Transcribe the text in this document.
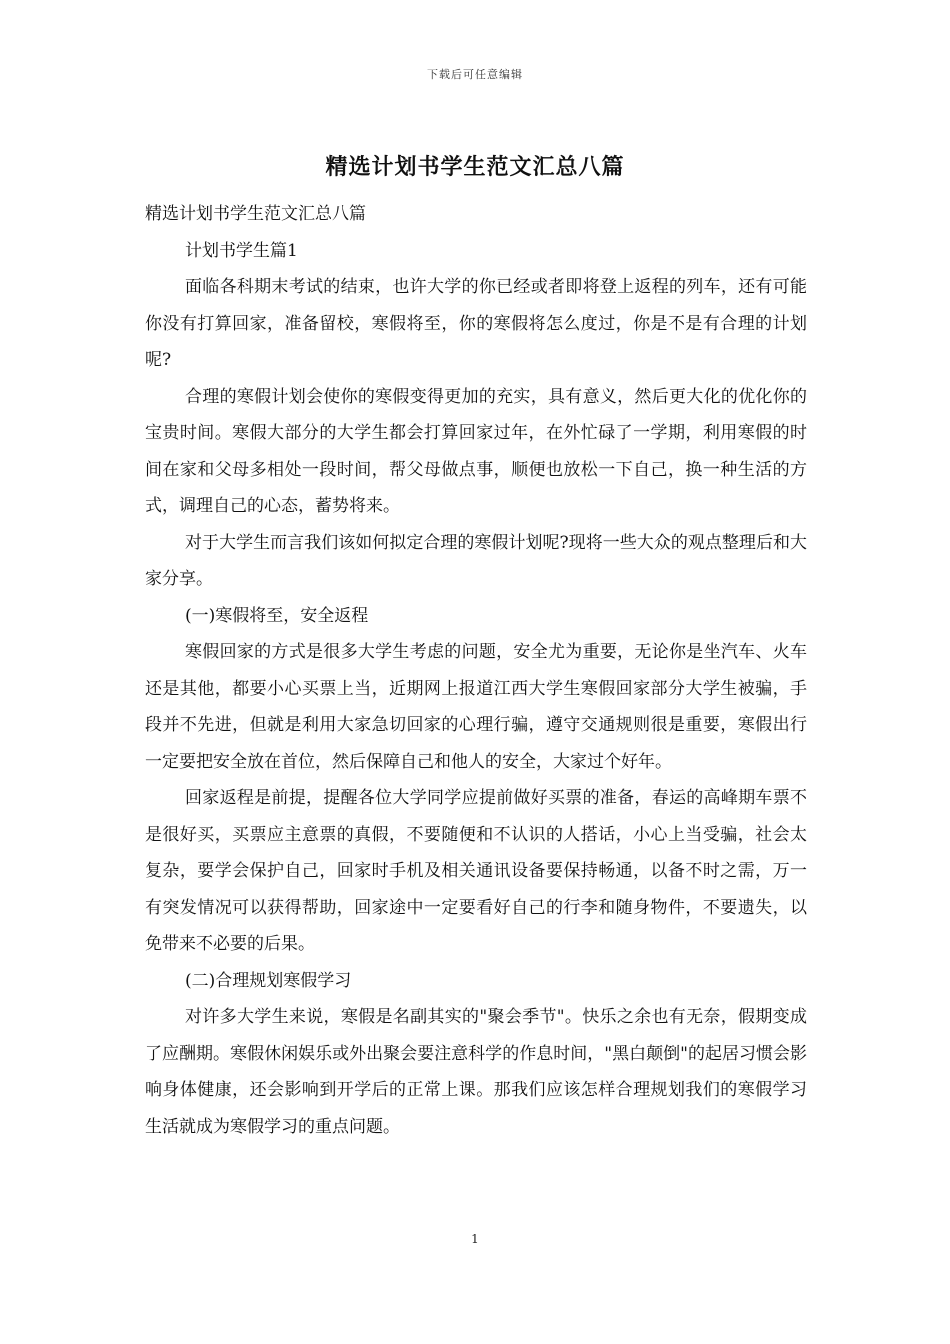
下载后可任意编辑
精选计划书学生范文汇总八篇

精选计划书学生范文汇总八篇

计划书学生篇1

面临各科期末考试的结束，也许大学的你已经或者即将登上返程的列车，还有可能你没有打算回家，准备留校，寒假将至，你的寒假将怎么度过，你是不是有合理的计划呢?

合理的寒假计划会使你的寒假变得更加的充实，具有意义，然后更大化的优化你的宝贵时间。寒假大部分的大学生都会打算回家过年，在外忙碌了一学期，利用寒假的时间在家和父母多相处一段时间，帮父母做点事，顺便也放松一下自己，换一种生活的方式，调理自己的心态，蓄势将来。

对于大学生而言我们该如何拟定合理的寒假计划呢?现将一些大众的观点整理后和大家分享。

(一)寒假将至，安全返程

寒假回家的方式是很多大学生考虑的问题，安全尤为重要，无论你是坐汽车、火车还是其他，都要小心买票上当，近期网上报道江西大学生寒假回家部分大学生被骗，手段并不先进，但就是利用大家急切回家的心理行骗，遵守交通规则很是重要，寒假出行一定要把安全放在首位，然后保障自己和他人的安全，大家过个好年。

回家返程是前提，提醒各位大学同学应提前做好买票的准备，春运的高峰期车票不是很好买，买票应主意票的真假，不要随便和不认识的人搭话，小心上当受骗，社会太复杂，要学会保护自己，回家时手机及相关通讯设备要保持畅通，以备不时之需，万一有突发情况可以获得帮助，回家途中一定要看好自己的行李和随身物件，不要遗失，以免带来不必要的后果。

(二)合理规划寒假学习

对许多大学生来说，寒假是名副其实的"聚会季节"。快乐之余也有无奈，假期变成了应酬期。寒假休闲娱乐或外出聚会要注意科学的作息时间，"黑白颠倒"的起居习惯会影响身体健康，还会影响到开学后的正常上课。那我们应该怎样合理规划我们的寒假学习生活就成为寒假学习的重点问题。

1
